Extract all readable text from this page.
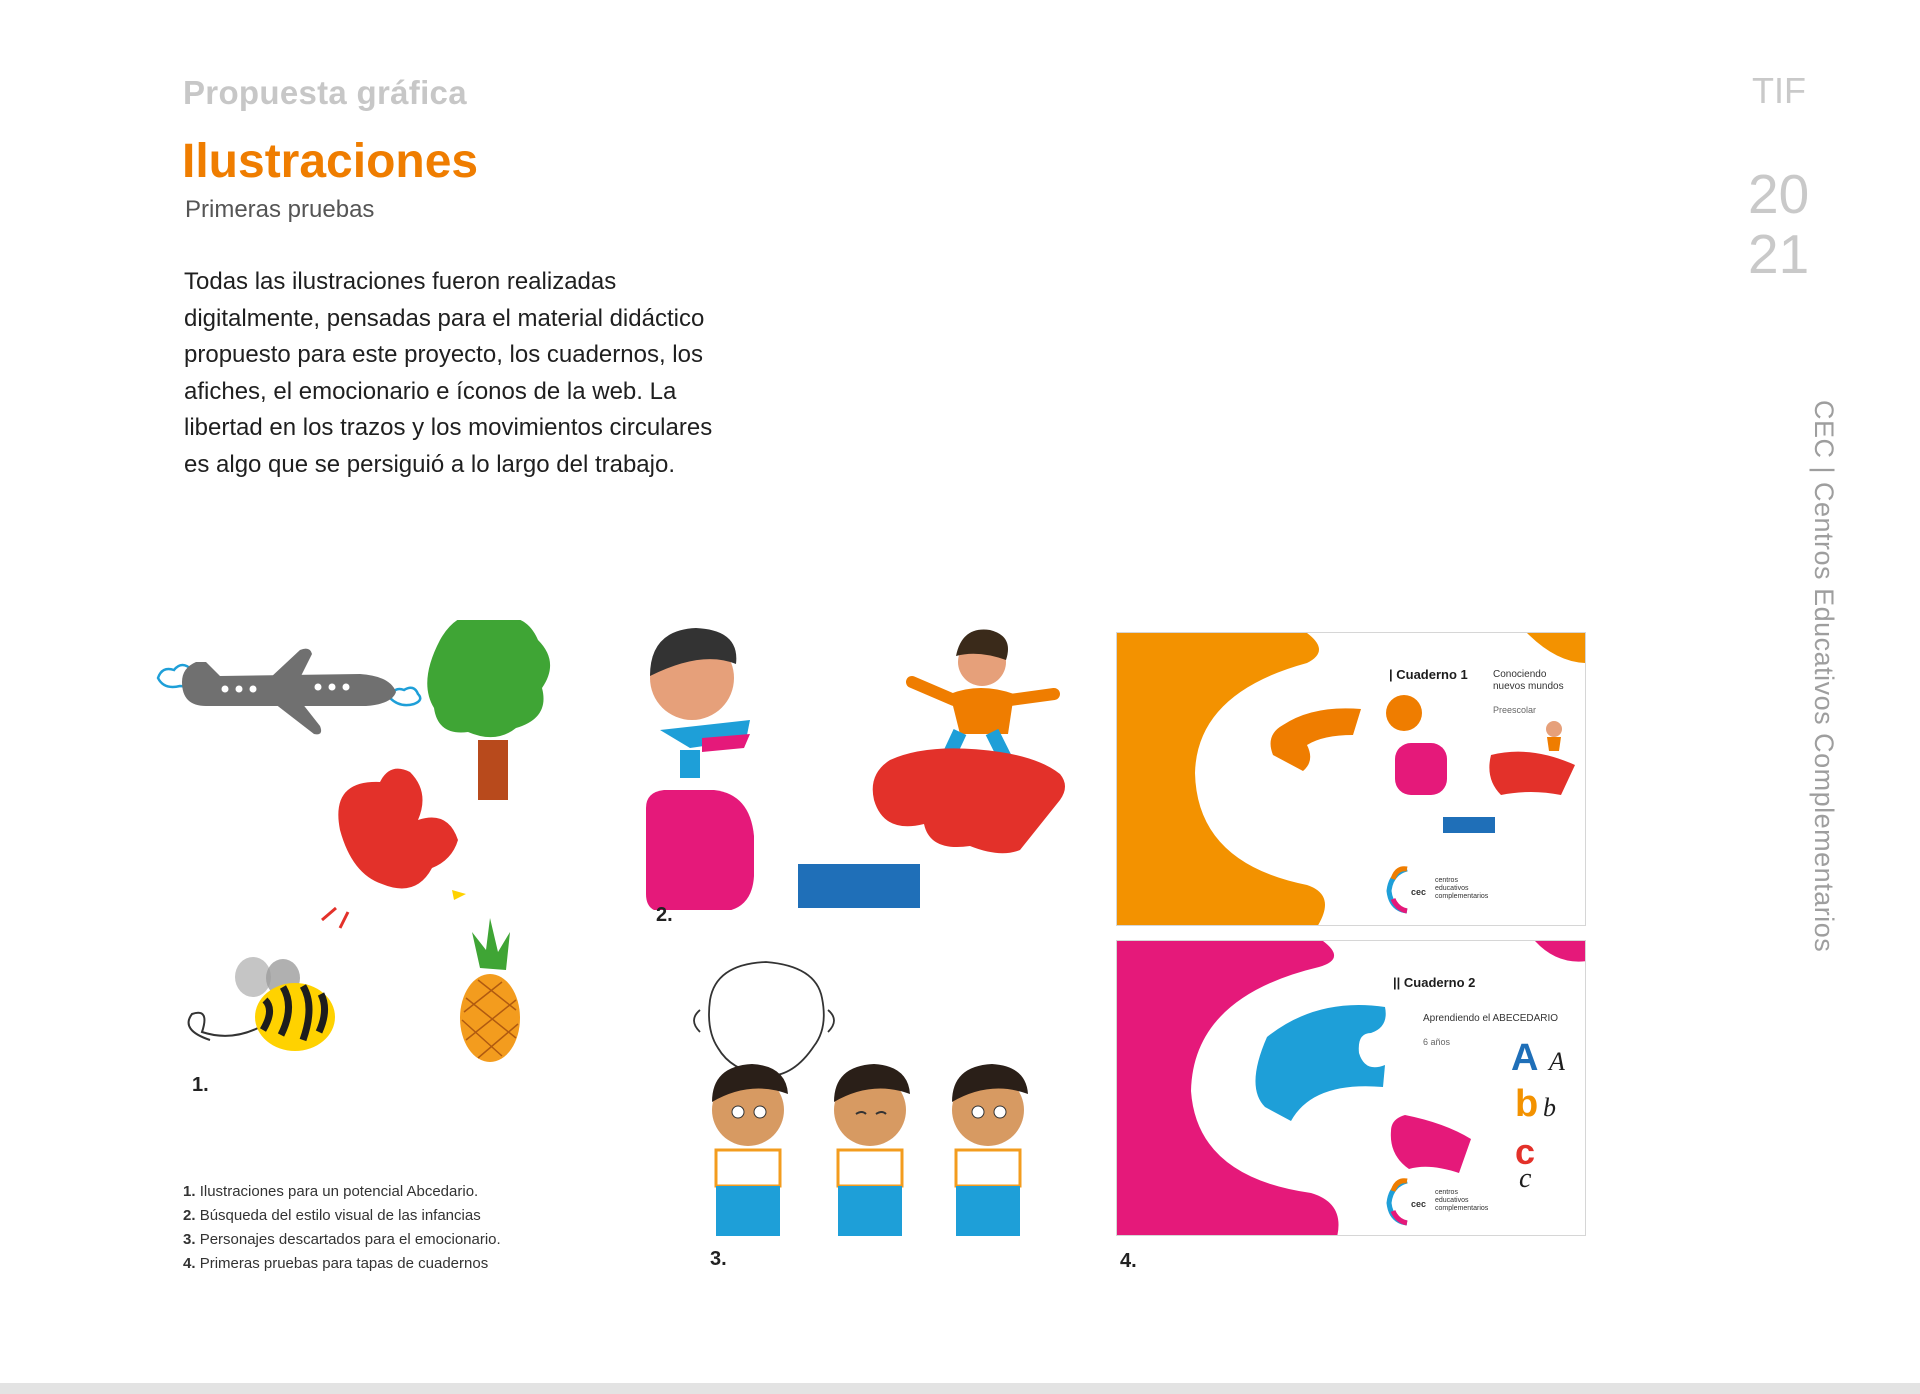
Propuesta gráfica
Ilustraciones

Primeras pruebas

Todas las ilustraciones fueron realizadas digitalmente, pensadas para el material didáctico propuesto para este proyecto, los cuadernos, los afiches, el emocionario e íconos de la web. La libertad en los trazos y los movimientos circulares es algo que se persiguió a lo largo del trabajo.

TIF
20
21
CEC | Centros Educativos Complementarios
1.
2.
3.
| Cuaderno 1	Conociendo
nuevos mundos
Preescolar
cec
centros
educativos
complementarios
|| Cuaderno 2
Aprendiendo el ABECEDARIO
6 años A A
b b
c
c
cec
centros
educativos
complementarios
4.
1. Ilustraciones para un potencial Abcedario.
2. Búsqueda del estilo visual de las infancias
3. Personajes descartados para el emocionario.
4. Primeras pruebas para tapas de cuadernos
